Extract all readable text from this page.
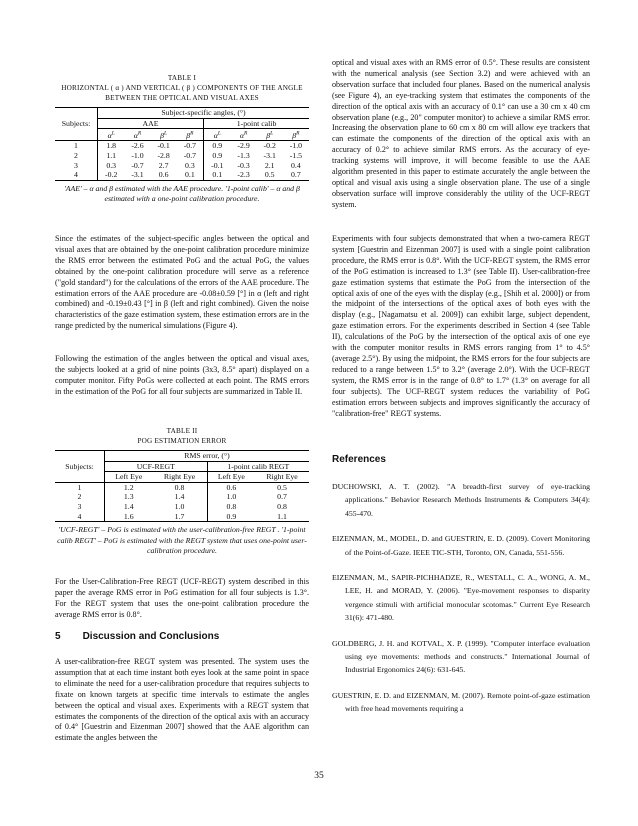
TABLE I

HORIZONTAL ( α ) AND VERTICAL ( β ) COMPONENTS OF THE ANGLE

BETWEEN THE OPTICAL AND VISUAL AXES

Subjects:	Subject-specific angles, (°)							
	AAE				1-point calib			
	$\alpha^L$	$\alpha^R$	$\beta^L$	$\beta^R$	$\alpha^L$	$\alpha^R$	$\beta^L$	$\beta^R$
1	1.8	-2.6	-0.1	-0.7	0.9	-2.9	-0.2	-1.0
2	1.1	-1.0	-2.8	-0.7	0.9	-1.3	-3.1	-1.5
3	0.3	-0.7	2.7	0.3	-0.1	-0.3	2.1	0.4
4	-0.2	-3.1	0.6	0.1	0.1	-2.3	0.5	0.7

'AAE' – α and β estimated with the AAE procedure. '1-point calib' – α and β estimated with a one-point calibration procedure.

Since the estimates of the subject-specific angles between the optical and visual axes that are obtained by the one-point calibration procedure minimize the RMS error between the estimated PoG and the actual PoG, the values obtained by the one-point calibration procedure will serve as a reference ("gold standard") for the calculations of the errors of the AAE procedure. The estimation errors of the AAE procedure are -0.08±0.59 [°] in α (left and right combined) and -0.19±0.43 [°] in β (left and right combined). Given the noise characteristics of the gaze estimation system, these estimation errors are in the range predicted by the numerical simulations (Figure 4).

Following the estimation of the angles between the optical and visual axes, the subjects looked at a grid of nine points (3x3, 8.5° apart) displayed on a computer monitor. Fifty PoGs were collected at each point. The RMS errors in the estimation of the PoG for all four subjects are summarized in Table II.

TABLE II

POG ESTIMATION ERROR

Subjects:	RMS error, (°)			
	UCF-REGT		1-point calib REGT	
	Left Eye	Right Eye	Left Eye	Right Eye
1	1.2	0.8	0.6	0.5
2	1.3	1.4	1.0	0.7
3	1.4	1.0	0.8	0.8
4	1.6	1.7	0.9	1.1

'UCF-REGT' – PoG is estimated with the user-calibration-free REGT . '1-point calib REGT' – PoG is estimated with the REGT system that uses one-point user-calibration procedure.

For the User-Calibration-Free REGT (UCF-REGT) system described in this paper the average RMS error in PoG estimation for all four subjects is 1.3°. For the REGT system that uses the one-point calibration procedure the average RMS error is 0.8°.

5 Discussion and Conclusions

A user-calibration-free REGT system was presented. The system uses the assumption that at each time instant both eyes look at the same point in space to eliminate the need for a user-calibration procedure that requires subjects to fixate on known targets at specific time intervals to estimate the angles between the optical and visual axes. Experiments with a REGT system that estimates the components of the direction of the optical axis with an accuracy of 0.4° [Guestrin and Eizenman 2007] showed that the AAE algorithm can estimate the angles between the

optical and visual axes with an RMS error of 0.5°. These results are consistent with the numerical analysis (see Section 3.2) and were achieved with an observation surface that included four planes. Based on the numerical analysis (see Figure 4), an eye-tracking system that estimates the components of the direction of the optical axis with an accuracy of 0.1° can use a 30 cm x 40 cm observation plane (e.g., 20" computer monitor) to achieve a similar RMS error. Increasing the observation plane to 60 cm x 80 cm will allow eye trackers that can estimate the components of the direction of the optical axis with an accuracy of 0.2° to achieve similar RMS errors. As the accuracy of eye-tracking systems will improve, it will become feasible to use the AAE algorithm presented in this paper to estimate accurately the angle between the optical and visual axis using a single observation plane. The use of a single observation surface will improve considerably the utility of the UCF-REGT system.

Experiments with four subjects demonstrated that when a two-camera REGT system [Guestrin and Eizenman 2007] is used with a single point calibration procedure, the RMS error is 0.8°. With the UCF-REGT system, the RMS error of the PoG estimation is increased to 1.3° (see Table II). User-calibration-free gaze estimation systems that estimate the PoG from the intersection of the optical axis of one of the eyes with the display (e.g., [Shih et al. 2000]) or from the midpoint of the intersections of the optical axes of both eyes with the display (e.g., [Nagamatsu et al. 2009]) can exhibit large, subject dependent, gaze estimation errors. For the experiments described in Section 4 (see Table II), calculations of the PoG by the intersection of the optical axis of one eye with the computer monitor results in RMS errors ranging from 1° to 4.5° (average 2.5°). By using the midpoint, the RMS errors for the four subjects are reduced to a range between 1.5° to 3.2° (average 2.0°). With the UCF-REGT system, the RMS error is in the range of 0.8° to 1.7° (1.3° on average for all four subjects). The UCF-REGT system reduces the variability of PoG estimation errors between subjects and improves significantly the accuracy of "calibration-free" REGT systems.

References

DUCHOWSKI, A. T. (2002). "A breadth-first survey of eye-tracking applications." Behavior Research Methods Instruments & Computers 34(4): 455-470.

EIZENMAN, M., MODEL, D. and GUESTRIN, E. D. (2009). Covert Monitoring of the Point-of-Gaze. IEEE TIC-STH, Toronto, ON, Canada, 551-556.

EIZENMAN, M., SAPIR-PICHHADZE, R., WESTALL, C. A., WONG, A. M., LEE, H. and MORAD, Y. (2006). "Eye-movement responses to disparity vergence stimuli with artificial monocular scotomas." Current Eye Research 31(6): 471-480.

GOLDBERG, J. H. and KOTVAL, X. P. (1999). "Computer interface evaluation using eye movements: methods and constructs." International Journal of Industrial Ergonomics 24(6): 631-645.

GUESTRIN, E. D. and EIZENMAN, M. (2007). Remote point-of-gaze estimation with free head movements requiring a

35
